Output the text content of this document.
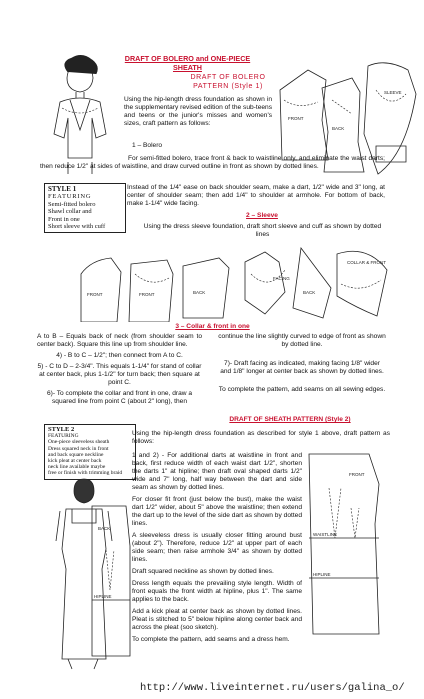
DRAFT OF BOLERO and ONE-PIECE SHEATH
DRAFT OF BOLERO PATTERN (Style 1)
FRONT
BACK
SLEEVE
Using the hip-length dress foundation as shown in the supplementary revised edition of the sub-teens and teens or the junior's misses and women's sizes, craft pattern as follows:
1 – Bolero
For semi-fitted bolero, trace front & back to waistline only, and eliminate the waist darts; then reduce 1/2" at sides of waistline, and draw curved outline in front as shown by dotted lines.
STYLE 1
FEATURING
Semi-fitted bolero
Shawl collar and
Front in one
Short sleeve with cuff
Instead of the 1/4" ease on back shoulder seam, make a dart, 1/2" wide and 3" long, at center of shoulder seam; then add 1/4" to shoulder at armhole. For bottom of back, make 1-1/4" wide facing.
2 – Sleeve
Using the dress sleeve foundation, draft short sleeve and cuff as shown by dotted lines
FRONT	FRONT	BACK
FACING
BACK
COLLAR & FRONT
3 – Collar & front in one
A to B – Equals back of neck (from shoulder seam to center back). Square this line up from shoulder line.
4) - B to C – 1/2"; then connect from A to C.
5) - C to D – 2-3/4". This equals 1-1/4" for stand of collar at center back, plus 1-1/2" for turn back; then square at point C.
6)- To complete the collar and front in one, draw a squared line from point C (about 2" long), then
continue the line slightly curved to edge of front as shown by dotted line.
7)- Draft facing as indicated, making facing 1/8" wider and 1/8" longer at center back as shown by dotted lines.
To complete the pattern, add seams on all sewing edges.
DRAFT OF SHEATH PATTERN (Style 2)
STYLE 2
FEATURING
One-piece sleeveless sheath
Dress squared neck in front
and back square neckline
kick pleat at center back
neck line available maybe
free or finish with trimming braid
Using the hip-length dress foundation as described for style 1 above, draft pattern as follows:
1 and 2) - For additional darts at waistline in front and back, first reduce width of each waist dart 1/2", shorten the darts 1" at hipline; then draft oval shaped darts 1/2" wide and 7" long, half way between the dart and side seam as shown by dotted lines.
For closer fit front (just below the bust), make the waist dart 1/2" wider, about 5" above the waistline; then extend the dart up to the level of the side dart as shown by dotted lines.
A sleeveless dress is usually closer fitting around bust (about 2"). Therefore, reduce 1/2" at upper part of each side seam; then raise armhole 3/4" as shown by dotted lines.
Draft squared neckline as shown by dotted lines.
Dress length equals the prevailing style length. Width of front equals the front width at hipline, plus 1". The same applies to the back.
Add a kick pleat at center back as shown by dotted lines. Pleat is stitched to 5" below hipline along center back and across the pleat (soo sketch).
To complete the pattern, add seams and a dress hem.
BACK
HIPLINE
FRONT
WAISTLINE
HIPLINE
http://www.liveinternet.ru/users/galina_o/
